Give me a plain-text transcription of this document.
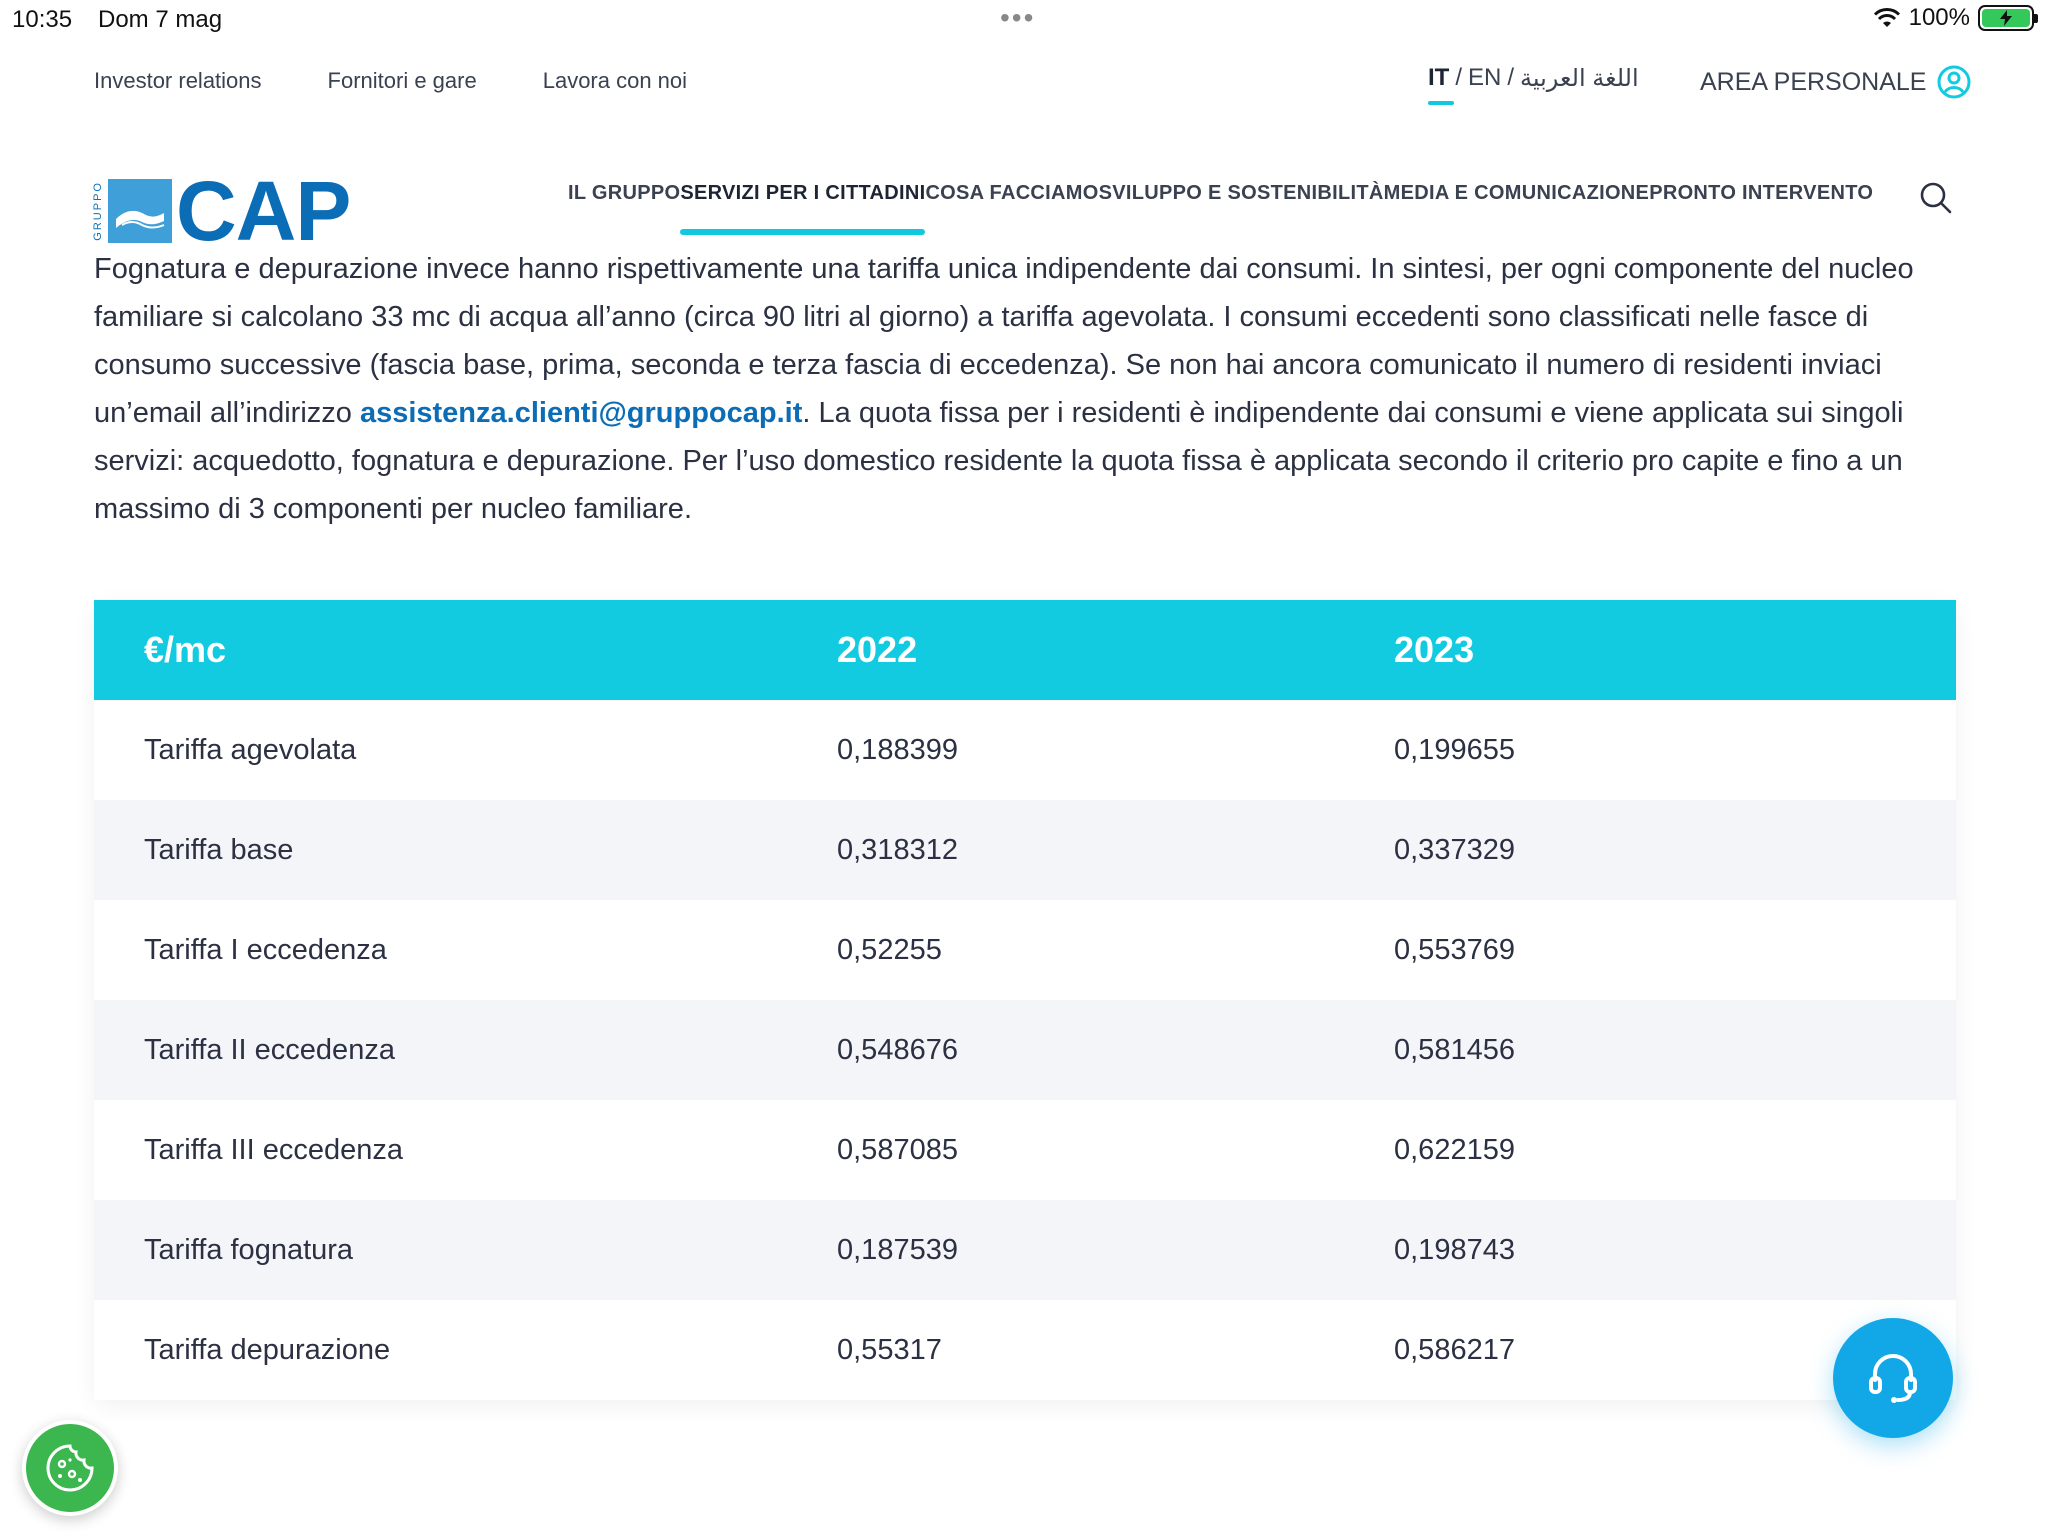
10:35 Dom 7 mag	•••	100%
Investor relations	Fornitori e gare	Lavora con noi	IT / EN / اللغة العربية AREA PERSONALE
GRUPPO CAP	IL GRUPPO SERVIZI PER I CITTADINI COSA FACCIAMO SVILUPPO E SOSTENIBILITÀ MEDIA E COMUNICAZIONE PRONTO INTERVENTO

Fognatura e depurazione invece hanno rispettivamente una tariffa unica indipendente dai consumi. In sintesi, per ogni componente del nucleo familiare si calcolano 33 mc di acqua all’anno (circa 90 litri al giorno) a tariffa agevolata. I consumi eccedenti sono classificati nelle fasce di consumo successive (fascia base, prima, seconda e terza fascia di eccedenza). Se non hai ancora comunicato il numero di residenti inviaci un’email all’indirizzo assistenza.clienti@gruppocap.it. La quota fissa per i residenti è indipendente dai consumi e viene applicata sui singoli servizi: acquedotto, fognatura e depurazione. Per l’uso domestico residente la quota fissa è applicata secondo il criterio pro capite e fino a un massimo di 3 componenti per nucleo familiare.

€/mc	2022	2023
Tariffa agevolata	0,188399	0,199655
Tariffa base	0,318312	0,337329
Tariffa I eccedenza	0,52255	0,553769
Tariffa II eccedenza	0,548676	0,581456
Tariffa III eccedenza	0,587085	0,622159
Tariffa fognatura	0,187539	0,198743
Tariffa depurazione	0,55317	0,586217
